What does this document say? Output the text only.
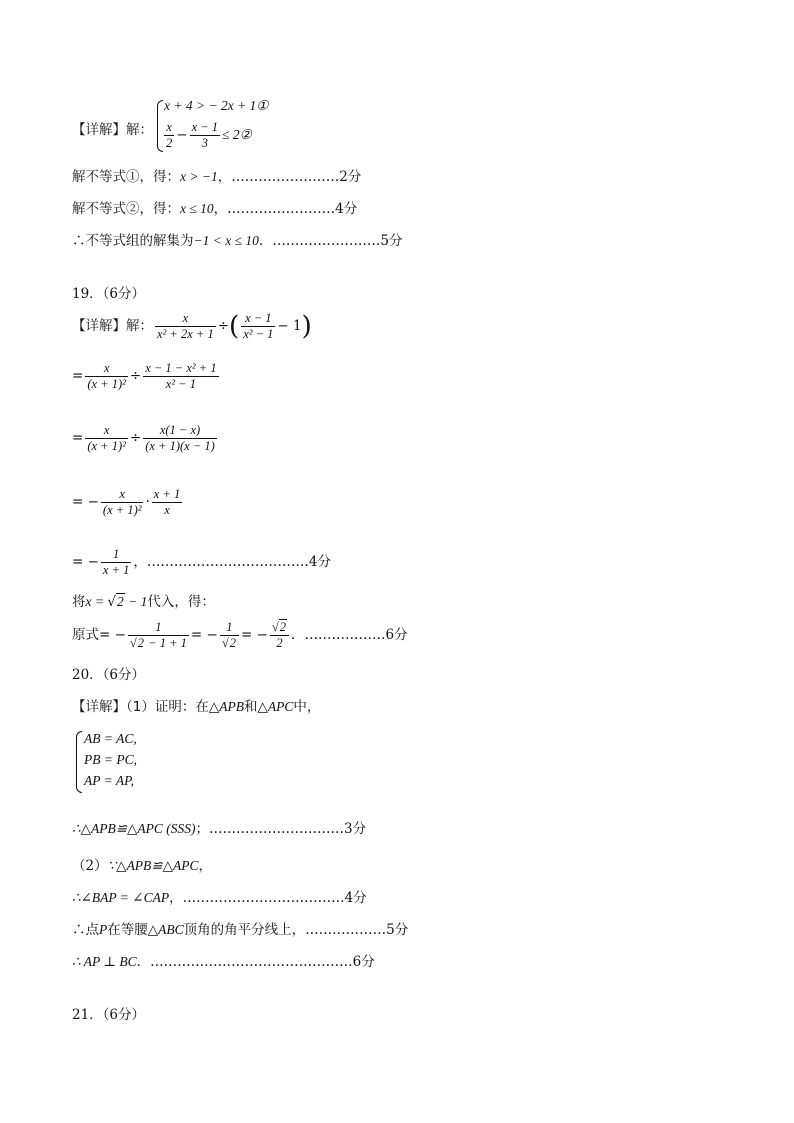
【详解】解：
x + 4 > − 2x + 1①
$\frac{x}{2} - \frac{x - 1}{3}$ ≤ 2②
解不等式①，得：x > −1，……………………2分
解不等式②，得：x ≤ 10，……………………4分
∴不等式组的解集为−1 < x ≤ 10．……………………5分
19．（6分）
【详解】解： $\frac{x}{\text{x² + 2x + 1}}$ ÷( $\frac{x - 1}{\text{x² − 1}} - 1$)
= $\frac{x}{\text{(x + 1)²}} \div \frac{\text{x − 1 − x² + 1}}{\text{x² − 1}}$
= $\frac{x}{\text{(x + 1)²}} \div \frac{x(1 - x)}{(x + 1)(x - 1)}$
= − $\frac{x}{\text{(x + 1)²}} \cdot \frac{x + 1}{x}$
= − $\frac{1}{x + 1}$ ，………………………………4分
将x = √2 − 1代入，得：
原式= − $\frac{1}{√2 - 1 + 1}$ = − $\frac{1}{√2}$ = − $\frac{√2}{2}$ ．………………6分
20．（6分）
【详解】（1）证明：在△APB和△APC中，
AB = AC,
PB = PC,
AP = AP,
∴△APB≌△APC (SSS)；…………………………3分
（2）∵△APB≌△APC，
∴∠BAP = ∠CAP，………………………………4分
∴点P在等腰△ABC顶角的角平分线上，………………5分
∴ AP ⊥ BC．………………………………………6分
21．（6分）
